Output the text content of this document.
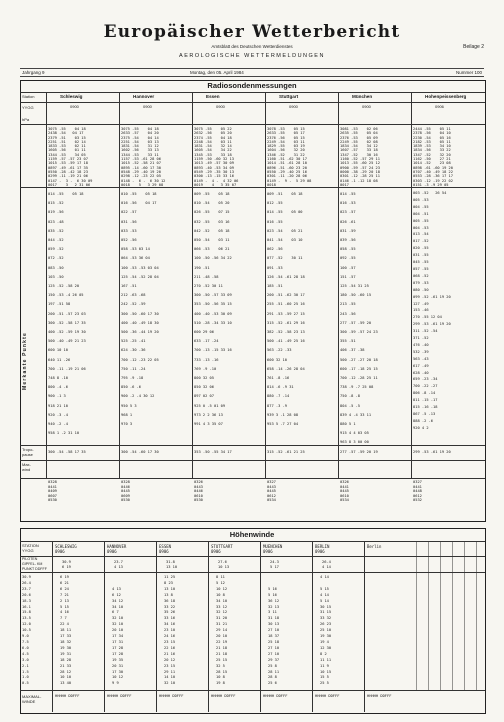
Europäischer Wetterbericht
Amtsblatt des Deutschen Wetterdienstes
AEROLOGISCHE WETTERMELDUNGEN
Beilage 2
Jahrgang 9	Montag, den 05. April 1984	Nummer 100
Radiosondenmessungen
Station
YYGG
hPa
Merkante Punkte
Tropo-
pause
Max-
wind
Schleswig
0900
3075 -55    04 18
2438 -54   04 17
2379 -51    03 15
2251 -51    02 14
1833 -53    02 11
1605 -56    01 11
1344 -53    34 05
1159 -57 -57 23 07
1015 -53 -59 17 18
0897 -49 -61 17 35
0550 -28 -42 18 23
0299 -11 -19 21 06
0147 -  3 -  6 30 09
0017    3   2 31 06
014 -55    05 18
015 -52
019 -56
023 -48
035 -52
044 -52
059 -52
072 -52
083 -50
103 -50
125 -52 -58 20
150 -53 -4 26 05
197 -51 58
200 -51 -57 23 03
300 -52 -58 17 35
400 -52 -59 19 30
500 -40 -49 21 23
600 10 10
640 11 -26
700 -11 -19 21 06
748 8 -10
800 -4 -6
900 -1 3
918 21 10
920 -3 -4
940 -2 -4
958 1 -2 31 10
300 -54 -58 17 35
0328
0441
0409
0607
0530
Hannover
0900
3075 -55    04 18
2633 -57    04 20
2375 -54    04 14
2251 -54    03 13
1831 -54    31 12
1602 -56    33 13
1344 -53    33 11
1157 -53 -61 28 06
1015 -52 -58 21 07
0895 -14 -60 17 30
0548 -29 -40 19 20
0298 -12 -23 22 05
0148 -  6 -  6 30 12
0018    5   3 29 08
010 -55    05 18
016 -56    04 17
022 -57
031 -56
033 -53
052 -56
058 -53 03 14
064 -53 36 04
100 -53 -53 03 04
125 -54 -52 28 04
167 -51
212 -63 -68
242 -52 -59
300 -50 -60 17 30
400 -40 -49 18 30
500 -36 -44 19 20
525 -25 -41
624 -30 -36
700 -12 -23 22 05
750 -11 -24
795 -9 -18
850 -6 -6
900 -2 -4 30 12
950 5 3
968 1
970 3
300 -54 -60 17 30
0328
0446
0445
0609
0530
Essen
0900
3075 -55    05 22
2632 -56    05 20
2374 -55    04 18
2248 -54    03 11
1831 -54    32 14
1605 -54    34 22
1345 -53    33 18
1159 -50 -60 32 13
1013 -49 -57 30 09
0893 -40 -53 34 09
0549 -29 -35 30 13
0300 -13 -15 33 16
0149 -  4 -  4 32 06
0019    4   3 35 07
009 -55    05 18
010 -54    05 20
026 -55    07 15
032 -55    03 16
042 -52    05 18
050 -54    03 11
066 -53    06 21
100 -50 -56 34 22
190 -51
211 -48 -58
270 -52 30 11
300 -50 -57 33 09
353 -50 -56 35 15
400 -40 -53 30 09
510 -28 -34 33 10
600 29 06
633 -17 -24
700 -13 -15 33 16
733 -13 -16
769 -9 -10
800 32 05
850 32 06
897 02 07
925 0 -5 01 09
973 2 2 36 13
991 4 3 35 07
353 -50 -55 34 17
0326
0443
0446
0610
0530
Stuttgart
0900
3078 -53    05 15
2633 -55    05 17
2376 -56    05 15
2249 -54    03 11
1829 -55    03 19
1604 -56    32 20
1346 -52    31 22
1160 -51 -62 30 17
1014 -51 -61 28 10
0896 -51 -60 23 20
0550 -29 -40 25 16
0301 -11 -20 28 06
0149 -  9 -  5 29 08
0018
009 -51    05 18
012 -55
014 -55    05 00
016 -55
023 -54    05 21
041 -54    03 10
062 -56
077 -52    30 11
091 -53
126 -54 -61 28 18
185 -51
200 -51 -62 30 17
255 -51 -60 25 16
291 -53 -59 27 15
315 -52 -61 29 16
382 -52 -58 23 13
500 -41 -49 25 16
563 -22 -33
600 32 10
658 -14 -26 28 04
761 -8 -16
814 -6 -9 31
880 -7 -14
877 -3 -9
939 3 -1 28 08
953 5 -7 27 04
315 -52 -61 21 25
0327
0443
0445
0612
0534
München
0900
3081 -53    02 06
2635 -55    05 04
2376 -53    05 09
2249 -55    02 08
1834 -54    34 12
1607 -57    33 18
1347 -52    30 16
1160 -52 -57 29 11
1013 -55 -60 25 12
0900 -59 -57 24 23
0000 -38 -29 20 18
0301 -12 -28 25 11
0146 -1 -12 18 08
0017
014 -55
016 -53
023 -57
026 -61
031 -59
039 -56
058 -55
092 -55
100 -57
151 -57
125 -54 31 25
180 -50 -60 15
213 -55
243 -56
277 -57 -59 20
300 -59 -57 24 23
355 -51
406 -37 -38
500 -27 -27 20 18
600 -17 -18 25 15
700 -12 -28 25 11
738 -9 -7 25 08
750 -8 -8
804 -5 -5
839 4 -4 33 11
880 5 1
915 4 4 03 05
963 8 3 00 00
277 -57 -59 20 19
0326
0441
0445
0610
0534
Hohenpeissenberg
0906
2444 -55    05 11
2378 -56    04 10
2230 -54    05 16
2182 -53    05 11
1839 -53    34 10
1834 -56    33 22
1347 -52    32 20
1162 -50    27 21
1014 -52    23 08
0898 -61 -60 19 20
0707 -40 -49 18 22
0553 -28 -36 17 17
0303 -12 -19 22 02
0151 -3 -9 29 05
003 -52   26 54
005 -53
004 -55
004 -51
005 -55
004 -53
013 -54
017 -52
020 -55
031 -55
045 -55
057 -55
068 -52
079 -53
080 -50
099 -52 -61 19 20
127 -49
153 -46
270 -55 12 04
299 -53 -61 19 20
311 -52 -54
371 -52
476 -40
532 -39
563 -43
617 -49
628 -40
659 -23 -34
700 -22 -27
806 -8 -14
811 -15 -17
815 -16 -18
867 -5 -13
888 -2 -6
920 4 2
299 -53 -61 19 20
0327
0441
0448
0612
0532
Höhenwinde
STATION
YYGG
PILOTEN
GIPFEL- KM
PUNKT DDFFF
30.9
26.4
23.7
20.6
18.3
16.1
15.8
13.5
12.0
10.5
9.0
7.5
6.0
4.5
3.0
2.1
1.5
1.0
0.5
MAXIMAL-
WINDE
SCHLESWIG
0906
30.9
6 19
6 19
6 21
6 24
7 21
2 13
5 15
4 16
7 7
22 4
18 11
17 33
18 32
19 30
19 31
18 28
21 33
28 12
10 10
13 40
HHHHH DDFFF
HANNOVER
0906
23.7
4 13

4 13
6 12
34 12
34 10
6 7
32 10
32 10
20 10
17 34
17 31
17 28
17 28
19 35
20 31
17 30
10 12
9 9
HHHHH DDFFF
ESSEN
0906
31.8
13 10
11 25
8 23
13 10
13 8
36 18
33 22
35 26
33 16
34 16
23 10
24 16
23 15
22 16
21 16
20 12
23 15
29 11
14 10
32 10
HHHHH DDFFF
STUTTGART
0906
27.6
10 13
8 11
5 12
10 12
10 8
34 10
33 12
32 12
31 20
31 21
29 14
20 10
22 19
21 18
21 18
25 15
32 5
28 15
10 8
19 8
HHHHH DDFFF
MUENCHEN
0906
24.3
5 17

5 16
5 16
36 12
32 13
3 11
31 18
30 13
27 10
18 37
25 18
27 10
27 10
29 37
25 8
28 11
28 8
25 6
HHHHH DDFFF
BERLIN
0906
26.4
4 14
4 14

5 15
4 14
5 14
30 15
31 15
33 32
26 23
25 10
19 30
19 4
12 30
8 2
11 11
11 9
10 15
15 5
25 5
HHHHH DDFFF
Berlin
HHHHH DDFFF
